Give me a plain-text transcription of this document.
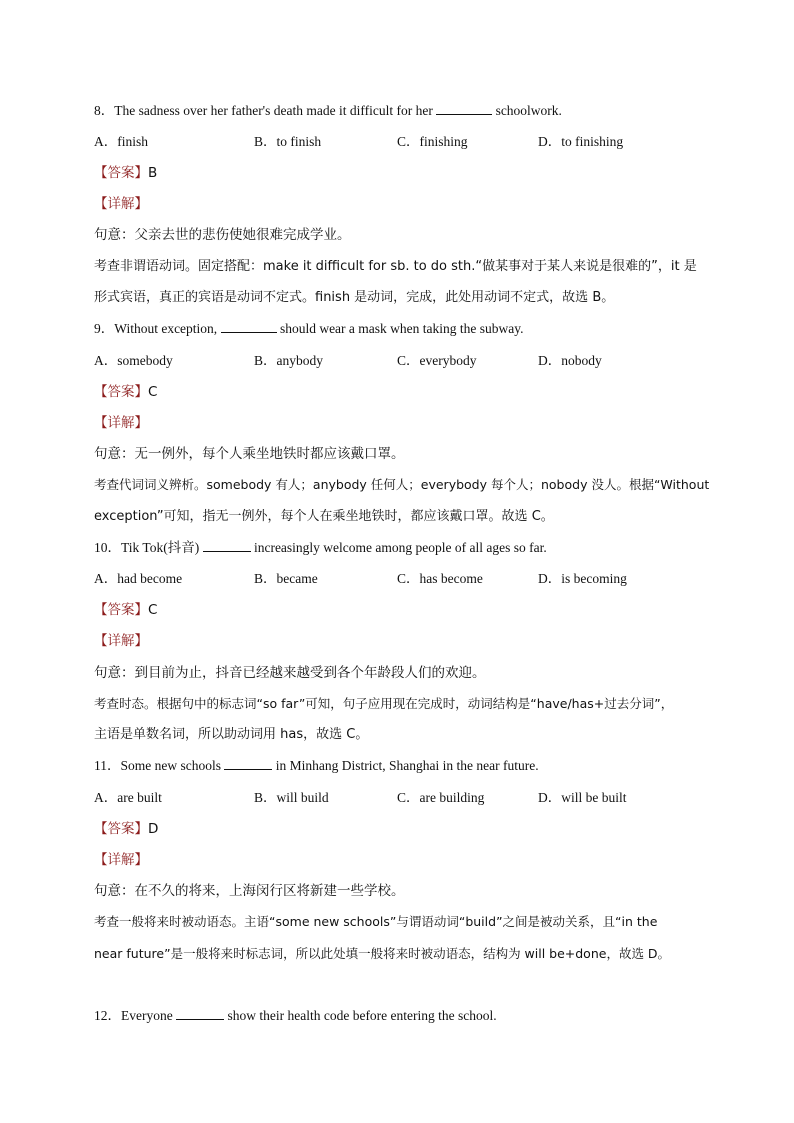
8．The sadness over her father's death made it difficult for her	schoolwork.
A．finish	B．to finish	C．finishing	D．to finishing
【答案】B
【详解】
句意：父亲去世的悲伤使她很难完成学业。
考查非谓语动词。固定搭配：make it difficult for sb. to do sth.“做某事对于某人来说是很难的”，it 是
形式宾语，真正的宾语是动词不定式。finish 是动词，完成，此处用动词不定式，故选 B。
9．Without exception,	should wear a mask when taking the subway.
A．somebody	B．anybody	C．everybody	D．nobody
【答案】C
【详解】
句意：无一例外，每个人乘坐地铁时都应该戴口罩。
考查代词词义辨析。somebody 有人；anybody 任何人；everybody 每个人；nobody 没人。根据“Without
exception”可知，指无一例外，每个人在乘坐地铁时，都应该戴口罩。故选 C。
10．Tik Tok(抖音)	increasingly welcome among people of all ages so far.
A．had become	B．became	C．has become	D．is becoming
【答案】C
【详解】
句意：到目前为止，抖音已经越来越受到各个年龄段人们的欢迎。
考查时态。根据句中的标志词“so far”可知，句子应用现在完成时，动词结构是“have/has+过去分词”，
主语是单数名词，所以助动词用 has，故选 C。
11．Some new schools	in Minhang District, Shanghai in the near future.
A．are built	B．will build	C．are building	D．will be built
【答案】D
【详解】
句意：在不久的将来，上海闵行区将新建一些学校。
考查一般将来时被动语态。主语“some new schools”与谓语动词“build”之间是被动关系，且“in the
near future”是一般将来时标志词，所以此处填一般将来时被动语态，结构为 will be+done，故选 D。
12．Everyone	show their health code before entering the school.
